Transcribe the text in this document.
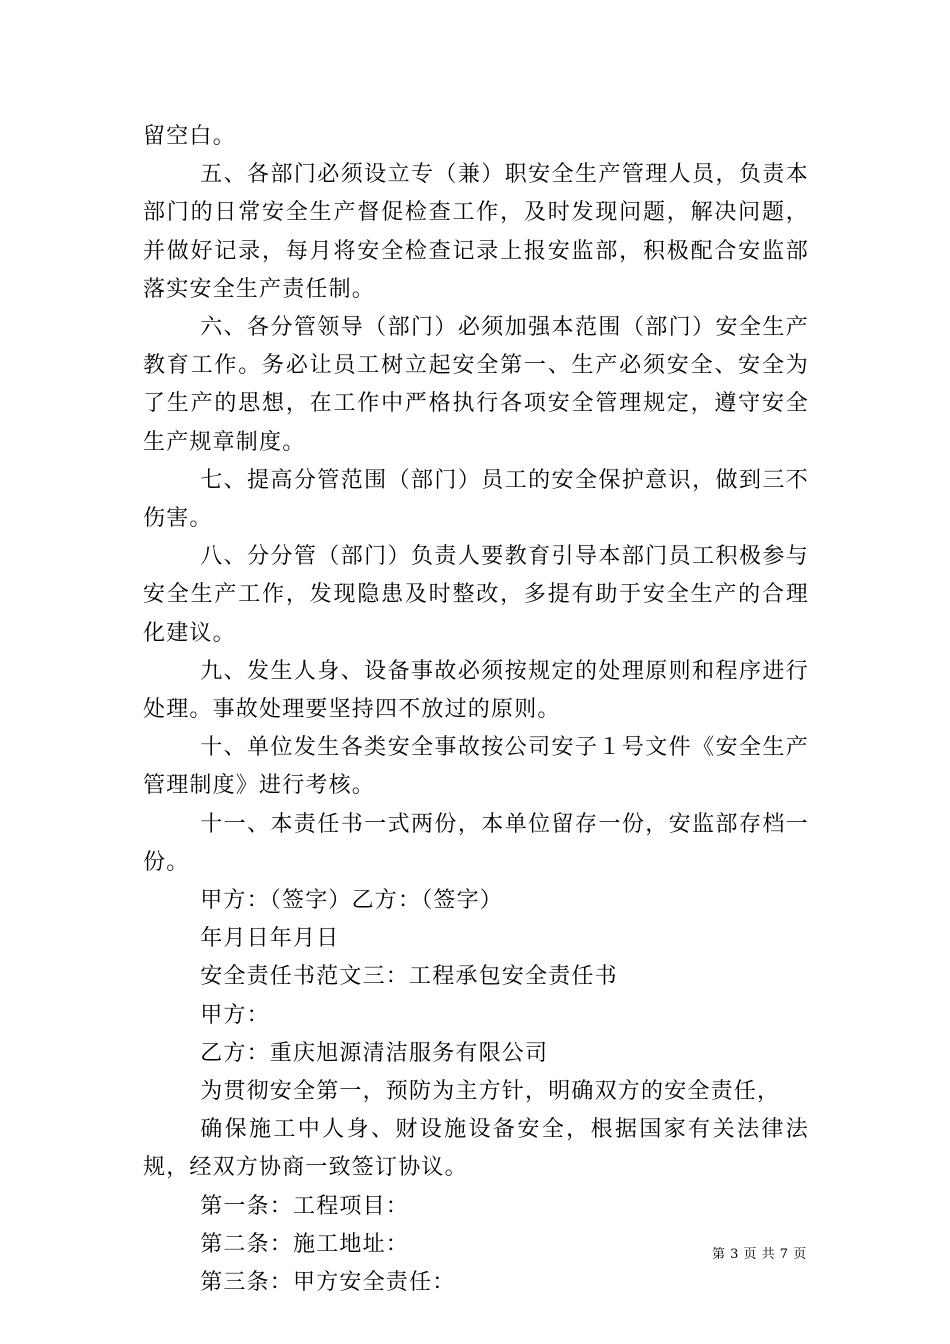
留空白。

五、各部门必须设立专（兼）职安全生产管理人员，负责本部门的日常安全生产督促检查工作，及时发现问题，解决问题，并做好记录，每月将安全检查记录上报安监部，积极配合安监部落实安全生产责任制。

六、各分管领导（部门）必须加强本范围（部门）安全生产教育工作。务必让员工树立起安全第一、生产必须安全、安全为了生产的思想，在工作中严格执行各项安全管理规定，遵守安全生产规章制度。

七、提高分管范围（部门）员工的安全保护意识，做到三不伤害。

八、分分管（部门）负责人要教育引导本部门员工积极参与安全生产工作，发现隐患及时整改，多提有助于安全生产的合理化建议。

九、发生人身、设备事故必须按规定的处理原则和程序进行处理。事故处理要坚持四不放过的原则。

十、单位发生各类安全事故按公司安子１号文件《安全生产管理制度》进行考核。

十一、本责任书一式两份，本单位留存一份，安监部存档一份。

甲方：（签字）乙方：（签字）

年月日年月日

安全责任书范文三：工程承包安全责任书

甲方：

乙方：重庆旭源清洁服务有限公司

为贯彻安全第一，预防为主方针，明确双方的安全责任，

确保施工中人身、财设施设备安全，根据国家有关法律法规，经双方协商一致签订协议。

第一条：工程项目：

第二条：施工地址：

第三条：甲方安全责任：

第 3 页 共 7 页
